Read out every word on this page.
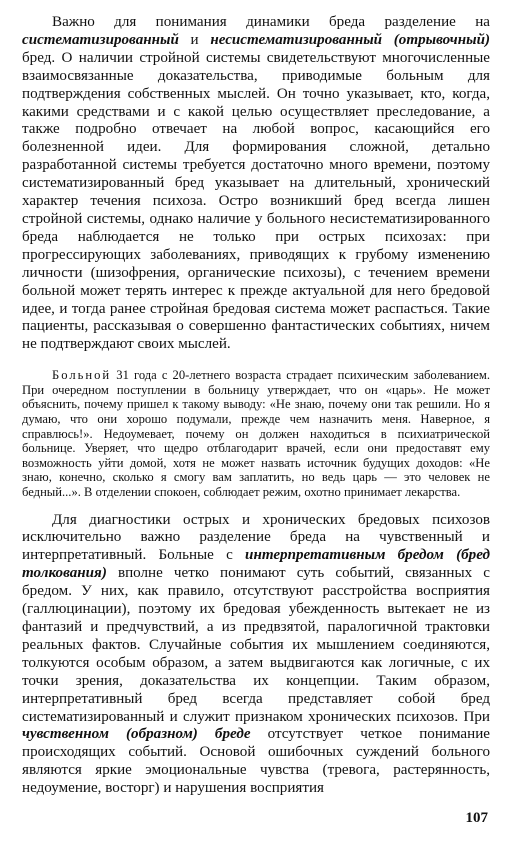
Важно для понимания динамики бреда разделение на систематизированный и несистематизированный (отрывочный) бред. О наличии стройной системы свидетельствуют многочисленные взаимосвязанные доказательства, приводимые больным для подтверждения собственных мыслей. Он точно указывает, кто, когда, какими средствами и с какой целью осуществляет преследование, а также подробно отвечает на любой вопрос, касающийся его болезненной идеи. Для формирования сложной, детально разработанной системы требуется достаточно много времени, поэтому систематизированный бред указывает на длительный, хронический характер течения психоза. Остро возникший бред всегда лишен стройной системы, однако наличие у больного несистематизированного бреда наблюдается не только при острых психозах: при прогрессирующих заболеваниях, приводящих к грубому изменению личности (шизофрения, органические психозы), с течением времени больной может терять интерес к прежде актуальной для него бредовой идее, и тогда ранее стройная бредовая система может распасться. Такие пациенты, рассказывая о совершенно фантастических событиях, ничем не подтверждают своих мыслей.

Больной 31 года с 20-летнего возраста страдает психическим заболеванием. При очередном поступлении в больницу утверждает, что он «царь». Не может объяснить, почему пришел к такому выводу: «Не знаю, почему они так решили. Но я думаю, что они хорошо подумали, прежде чем назначить меня. Наверное, я справлюсь!». Недоумевает, почему он должен находиться в психиатрической больнице. Уверяет, что щедро отблагодарит врачей, если они предоставят ему возможность уйти домой, хотя не может назвать источник будущих доходов: «Не знаю, конечно, сколько я смогу вам заплатить, но ведь царь — это человек не бедный...». В отделении спокоен, соблюдает режим, охотно принимает лекарства.

Для диагностики острых и хронических бредовых психозов исключительно важно разделение бреда на чувственный и интерпретативный. Больные с интерпретативным бредом (бред толкования) вполне четко понимают суть событий, связанных с бредом. У них, как правило, отсутствуют расстройства восприятия (галлюцинации), поэтому их бредовая убежденность вытекает не из фантазий и предчувствий, а из предвзятой, паралогичной трактовки реальных фактов. Случайные события их мышлением соединяются, толкуются особым образом, а затем выдвигаются как логичные, с их точки зрения, доказательства их концепции. Таким образом, интерпретативный бред всегда представляет собой бред систематизированный и служит признаком хронических психозов. При чувственном (образном) бреде отсутствует четкое понимание происходящих событий. Основой ошибочных суждений больного являются яркие эмоциональные чувства (тревога, растерянность, недоумение, восторг) и нарушения восприятия

107
